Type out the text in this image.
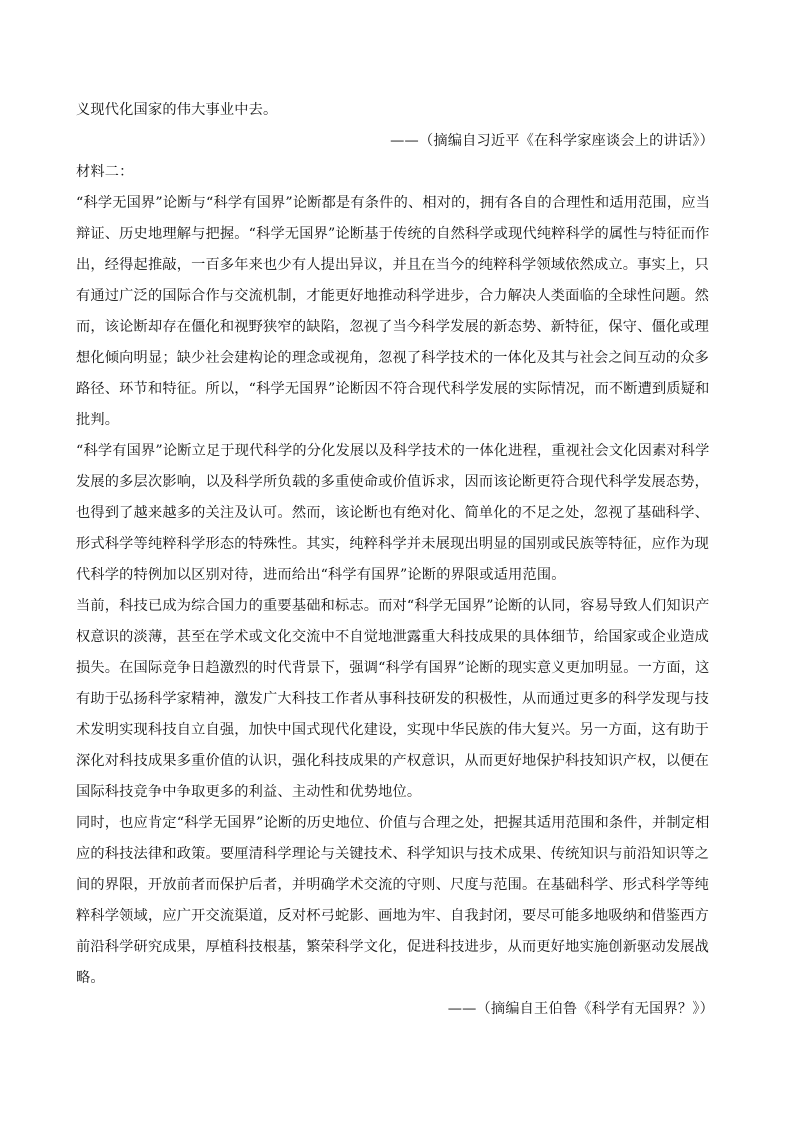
义现代化国家的伟大事业中去。
——（摘编自习近平《在科学家座谈会上的讲话》）
材料二：
“科学无国界”论断与“科学有国界”论断都是有条件的、相对的，拥有各自的合理性和适用范围，应当
辩证、历史地理解与把握。“科学无国界”论断基于传统的自然科学或现代纯粹科学的属性与特征而作
出，经得起推敲，一百多年来也少有人提出异议，并且在当今的纯粹科学领域依然成立。事实上，只
有通过广泛的国际合作与交流机制，才能更好地推动科学进步，合力解决人类面临的全球性问题。然
而，该论断却存在僵化和视野狭窄的缺陷，忽视了当今科学发展的新态势、新特征，保守、僵化或理
想化倾向明显；缺少社会建构论的理念或视角，忽视了科学技术的一体化及其与社会之间互动的众多
路径、环节和特征。所以，“科学无国界”论断因不符合现代科学发展的实际情况，而不断遭到质疑和
批判。
“科学有国界”论断立足于现代科学的分化发展以及科学技术的一体化进程，重视社会文化因素对科学
发展的多层次影响，以及科学所负载的多重使命或价值诉求，因而该论断更符合现代科学发展态势，
也得到了越来越多的关注及认可。然而，该论断也有绝对化、简单化的不足之处，忽视了基础科学、
形式科学等纯粹科学形态的特殊性。其实，纯粹科学并未展现出明显的国别或民族等特征，应作为现
代科学的特例加以区别对待，进而给出“科学有国界”论断的界限或适用范围。
当前，科技已成为综合国力的重要基础和标志。而对“科学无国界”论断的认同，容易导致人们知识产
权意识的淡薄，甚至在学术或文化交流中不自觉地泄露重大科技成果的具体细节，给国家或企业造成
损失。在国际竞争日趋激烈的时代背景下，强调“科学有国界”论断的现实意义更加明显。一方面，这
有助于弘扬科学家精神，激发广大科技工作者从事科技研发的积极性，从而通过更多的科学发现与技
术发明实现科技自立自强，加快中国式现代化建设，实现中华民族的伟大复兴。另一方面，这有助于
深化对科技成果多重价值的认识，强化科技成果的产权意识，从而更好地保护科技知识产权，以便在
国际科技竞争中争取更多的利益、主动性和优势地位。
同时，也应肯定“科学无国界”论断的历史地位、价值与合理之处，把握其适用范围和条件，并制定相
应的科技法律和政策。要厘清科学理论与关键技术、科学知识与技术成果、传统知识与前沿知识等之
间的界限，开放前者而保护后者，并明确学术交流的守则、尺度与范围。在基础科学、形式科学等纯
粹科学领域，应广开交流渠道，反对杯弓蛇影、画地为牢、自我封闭，要尽可能多地吸纳和借鉴西方
前沿科学研究成果，厚植科技根基，繁荣科学文化，促进科技进步，从而更好地实施创新驱动发展战
略。
——（摘编自王伯鲁《科学有无国界？》）
